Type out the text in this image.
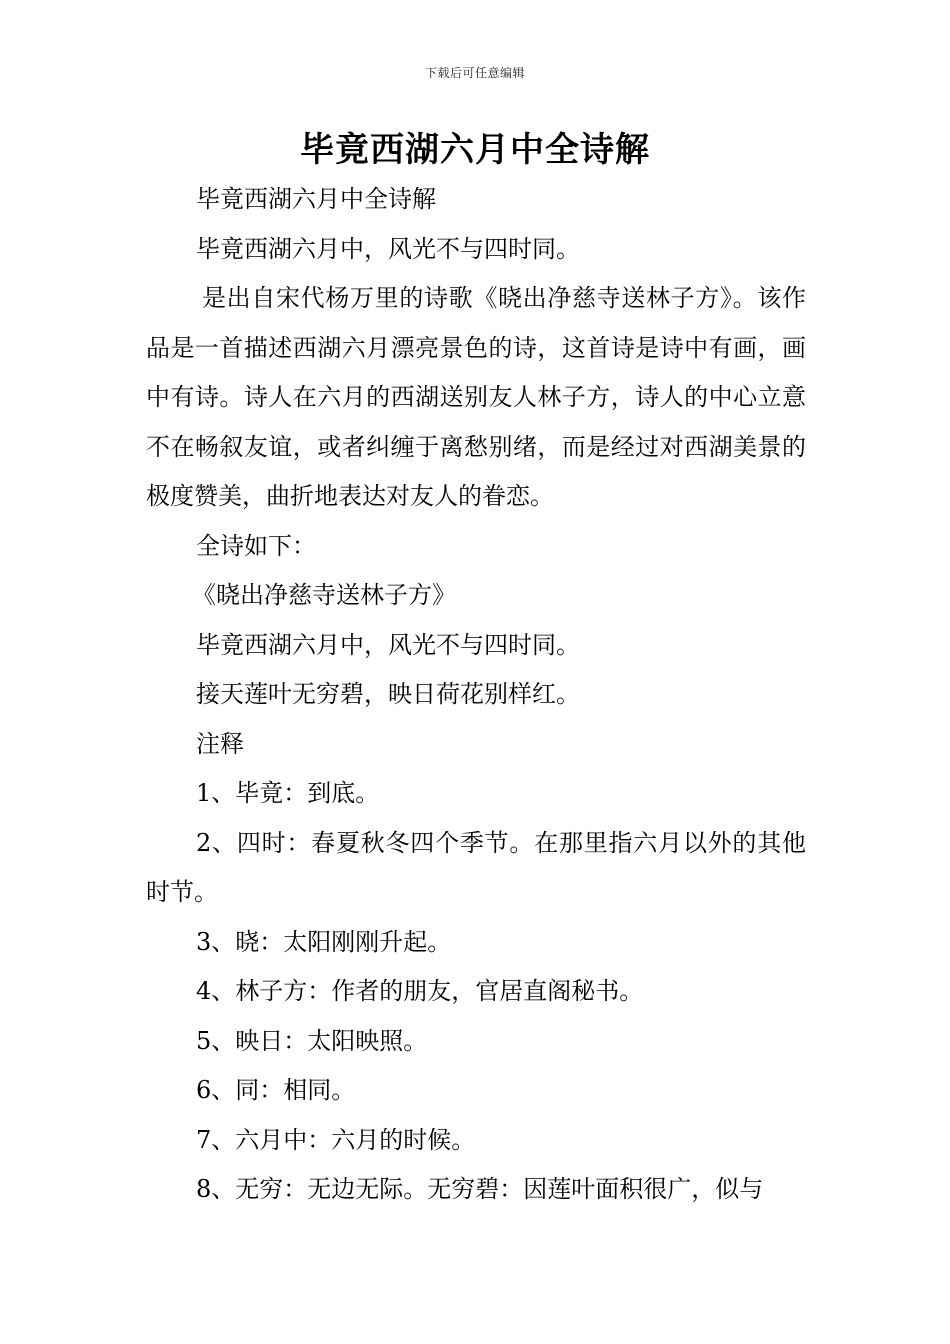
下载后可任意编辑
毕竟西湖六月中全诗解

毕竟西湖六月中全诗解

毕竟西湖六月中，风光不与四时同。

是出自宋代杨万里的诗歌《晓出净慈寺送林子方》。该作品是一首描述西湖六月漂亮景色的诗，这首诗是诗中有画，画中有诗。诗人在六月的西湖送别友人林子方，诗人的中心立意不在畅叙友谊，或者纠缠于离愁别绪，而是经过对西湖美景的极度赞美，曲折地表达对友人的眷恋。

全诗如下：

《晓出净慈寺送林子方》

毕竟西湖六月中，风光不与四时同。

接天莲叶无穷碧，映日荷花别样红。

注释

1、毕竟：到底。

2、四时：春夏秋冬四个季节。在那里指六月以外的其他时节。

3、晓：太阳刚刚升起。

4、林子方：作者的朋友，官居直阁秘书。

5、映日：太阳映照。

6、同：相同。

7、六月中：六月的时候。

8、无穷：无边无际。无穷碧：因莲叶面积很广，似与
